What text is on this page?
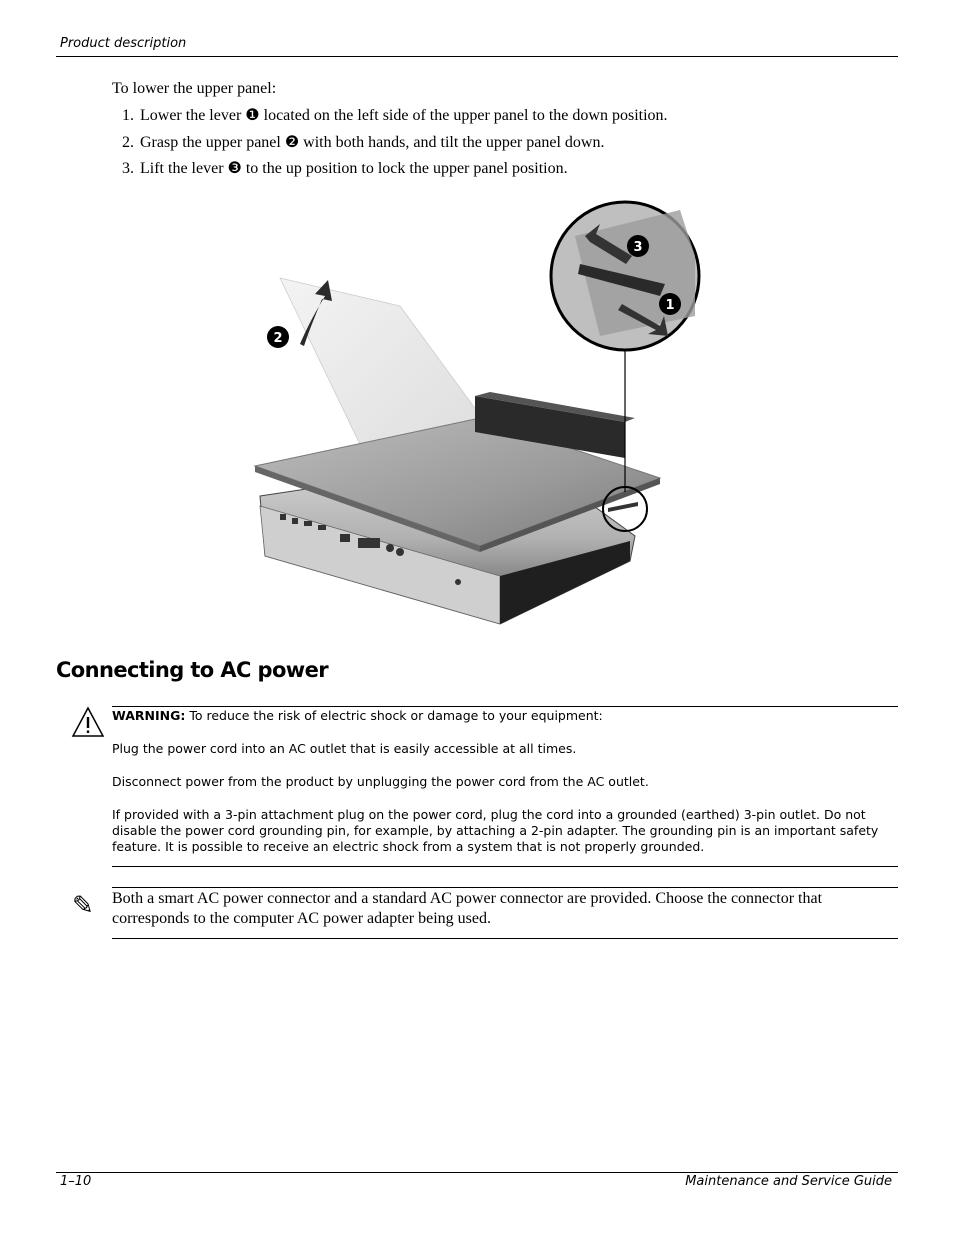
Product description
To lower the upper panel:
1. Lower the lever ❶ located on the left side of the upper panel to the down position.
2. Grasp the upper panel ❷ with both hands, and tilt the upper panel down.
3. Lift the lever ❸ to the up position to lock the upper panel position.
2
3
1
Connecting to AC power
WARNING: To reduce the risk of electric shock or damage to your equipment:
Plug the power cord into an AC outlet that is easily accessible at all times.
Disconnect power from the product by unplugging the power cord from the AC outlet.
If provided with a 3-pin attachment plug on the power cord, plug the cord into a grounded (earthed) 3-pin outlet. Do not disable the power cord grounding pin, for example, by attaching a 2-pin adapter. The grounding pin is an important safety feature. It is possible to receive an electric shock from a system that is not properly grounded.
✎ Both a smart AC power connector and a standard AC power connector are provided. Choose the connector that corresponds to the computer AC power adapter being used.
1–10	Maintenance and Service Guide
